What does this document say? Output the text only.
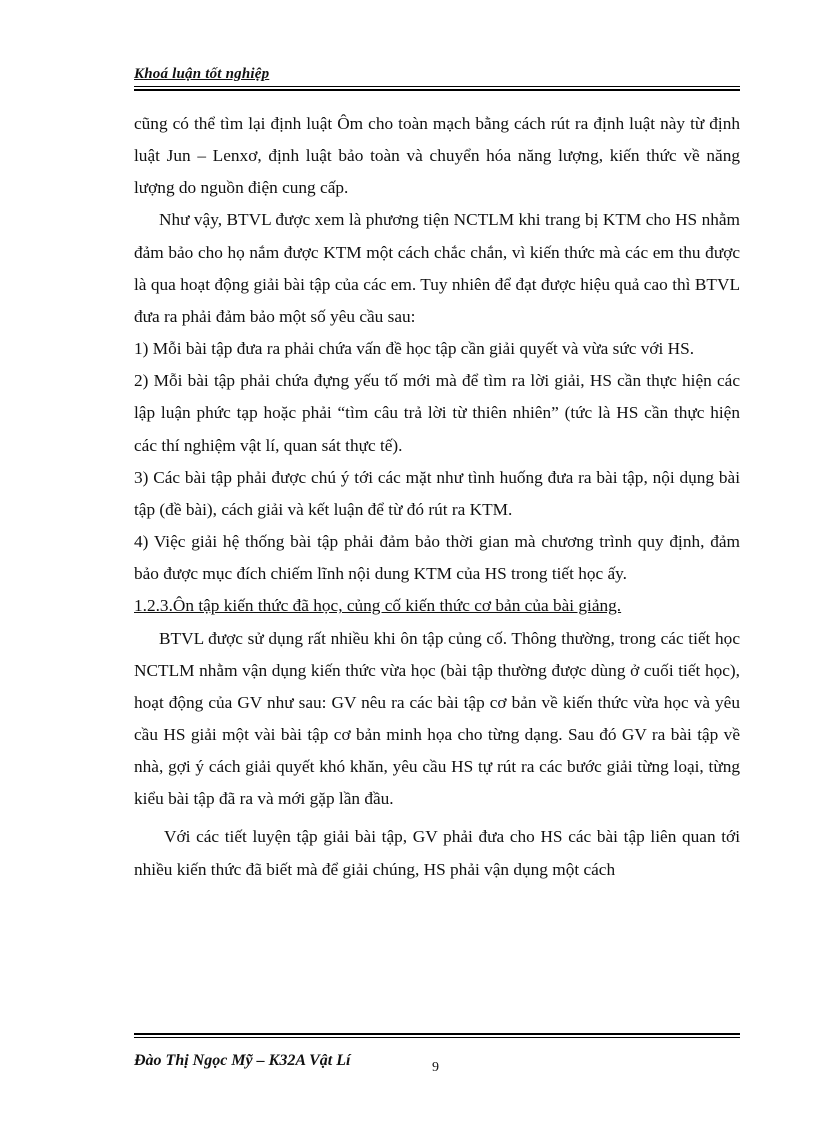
Khoá luận tốt nghiệp

cũng có thể tìm lại định luật Ôm cho toàn mạch bằng cách rút ra định luật này từ định luật Jun – Lenxơ, định luật bảo toàn và chuyển hóa năng lượng, kiến thức về năng lượng do nguồn điện cung cấp.

Như vậy, BTVL được xem là phương tiện NCTLM khi trang bị KTM cho HS nhằm đảm bảo cho họ nắm được KTM một cách chắc chắn, vì kiến thức mà các em thu được là qua hoạt động giải bài tập của các em. Tuy nhiên để đạt được hiệu quả cao thì BTVL đưa ra phải đảm bảo một số yêu cầu sau:

1) Mỗi bài tập đưa ra phải chứa vấn đề học tập cần giải quyết và vừa sức với HS.

2) Mỗi bài tập phải chứa đựng yếu tố mới mà để tìm ra lời giải, HS cần thực hiện các lập luận phức tạp hoặc phải “tìm câu trả lời từ thiên nhiên” (tức là HS cần thực hiện các thí nghiệm vật lí, quan sát thực tế).

3) Các bài tập phải được chú ý tới các mặt như tình huống đưa ra bài tập, nội dụng bài tập (đề bài), cách giải và kết luận để từ đó rút ra KTM.

4) Việc giải hệ thống bài tập phải đảm bảo thời gian mà chương trình quy định, đảm bảo được mục đích chiếm lĩnh nội dung KTM của HS trong tiết học ấy.

1.2.3.Ôn tập kiến thức đã học, củng cố kiến thức cơ bản của bài giảng.

BTVL được sử dụng rất nhiều khi ôn tập củng cố. Thông thường, trong các tiết học NCTLM nhằm vận dụng kiến thức vừa học (bài tập thường được dùng ở cuối tiết học), hoạt động của GV như sau: GV nêu ra các bài tập cơ bản về kiến thức vừa học và yêu cầu HS giải một vài bài tập cơ bản minh họa cho từng dạng. Sau đó GV ra bài tập về nhà, gợi ý cách giải quyết khó khăn, yêu cầu HS tự rút ra các bước giải từng loại, từng kiểu bài tập đã ra và mới gặp lần đầu.

Với các tiết luyện tập giải bài tập, GV phải đưa cho HS các bài tập liên quan tới nhiều kiến thức đã biết mà để giải chúng, HS phải vận dụng một cách

Đào Thị Ngọc Mỹ – K32A Vật Lí	9
